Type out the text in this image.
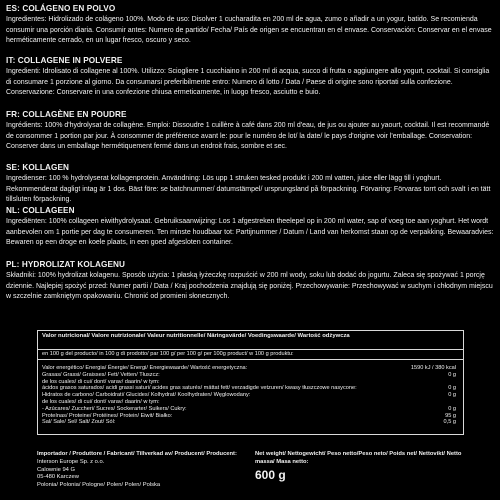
ES: COLÁGENO EN POLVO
Ingredientes: Hidrolizado de colágeno 100%. Modo de uso: Disolver 1 cucharadita en 200 ml de agua, zumo o añadir a un yogur, batido. Se recomienda consumir una porción diaria. Consumir antes: Numero de partido/ Fecha/ País de origen se encuentran en el envase. Conservación: Conservar en el envase herméticamente cerrado, en un lugar fresco, oscuro y seco.
IT: COLLAGENE IN POLVERE
Ingredienti: Idrolisato di collagene al 100%. Utilizzo: Sciogliere 1 cucchiaino in 200 ml di acqua, succo di frutta o aggiungere allo yogurt, cocktail. Si consiglia di consumare 1 porzione al giorno. Da consumarsi preferibilmente entro: Numero di lotto / Data / Paese di origine sono riportati sulla confezione. Conservazione: Conservare in una confezione chiusa ermeticamente, in luogo fresco, asciutto e buio.
FR: COLLAGÈNE EN POUDRE
Ingrédients: 100% d'hydrolysat de collagène. Emploi: Dissoudre 1 cuillère à café dans 200 ml d'eau, de jus ou ajouter au yaourt, cocktail. Il est recommandé de consommer 1 portion par jour. À consommer de préférence avant le: pour le numéro de lot/ la date/ le pays d'origine voir l'emballage. Conservation: Conserver dans un emballage hermétiquement fermé dans un endroit frais, sombre et sec.
SE: KOLLAGEN
Ingredienser: 100 % hydrolyserat kollagenprotein. Användning: Lös upp 1 struken tesked produkt i 200 ml vatten, juice eller lägg till i yoghurt. Rekommenderat dagligt intag är 1 dos. Bäst före: se batchnummer/ datumstämpel/ ursprungsland på förpackning. Förvaring: Förvaras torrt och svalt i en tätt tillsluten förpackning.
NL: COLLAGEEN
Ingrediënten: 100% collageen eiwithydrolysaat. Gebruiksaanwijzing: Los 1 afgestreken theelepel op in 200 ml water, sap of voeg toe aan yoghurt. Het wordt aanbevolen om 1 portie per dag te consumeren. Ten minste houdbaar tot: Partijnummer / Datum / Land van herkomst staan op de verpakking. Bewaaradvies: Bewaren op een droge en koele plaats, in een goed afgesloten container.
PL: HYDROLIZAT KOLAGENU
Składniki: 100% hydrolizat kolagenu. Sposób użycia: 1 płaską łyżeczkę rozpuścić w 200 ml wody, soku lub dodać do jogurtu. Zaleca się spożywać 1 porcję dziennie. Najlepiej spożyć przed: Numer partii / Data / Kraj pochodzenia znajdują się poniżej. Przechowywanie: Przechowywać w suchym i chłodnym miejscu w szczelnie zamkniętym opakowaniu. Chronić od promieni słonecznych.
Valor nutricional/ Valore nutrizionale/ Valeur nutritionnelle/ Näringsvärde/ Voedingswaarde/ Wartość odżywcza
en 100 g del producto/ in 100 g di prodotto/ par 100 g/ per 100 g/ per 100g product/ w 100 g produktu:
Valor energético/ Energia/ Énergie/ Energi/ Energiewaarde/ Wartość energetyczna:	1590 kJ / 380 kcal
Grasas/ Grassi/ Graisses/ Fett/ Vetten/ Tłuszcz:	0 g
de los cuales/ di cui/ dont/ varav/ daarin/ w tym:
ácidos grasos saturados/ acidi grassi saturi/ acides gras saturés/ mättat fett/ verzadigde vetzuren/ kwasy tłuszczowe nasycone:	0 g
Hidratos de carbono/ Carboidrati/ Glucides/ Kolhydrat/ Koolhydraten/ Węglowodany:	0 g
de los cuales/ di cui/ dont/ varav/ daarin/ w tym:
- Azúcares/ Zuccheri/ Sucres/ Sockerarter/ Suikers/ Cukry:	0 g
Proteínas/ Proteine/ Protéines/ Protein/ Eiwit/ Białko:	95 g
Sal/ Sale/ Sel/ Salt/ Zout/ Sól:	0,5 g
Importador / Produttore / Fabricant/ Tillverkad av/ Producent/ Producent:
Interson Europe Sp. z o.o.
Calownie 94 G
05-480 Karczew
Polonia/ Polonia/ Pologne/ Polen/ Polen/ Polska
Net weight/ Nettogewicht/ Peso netto/Peso neto/ Poids net/ Nettovikt/ Netto massa/ Masa netto:
600 g
